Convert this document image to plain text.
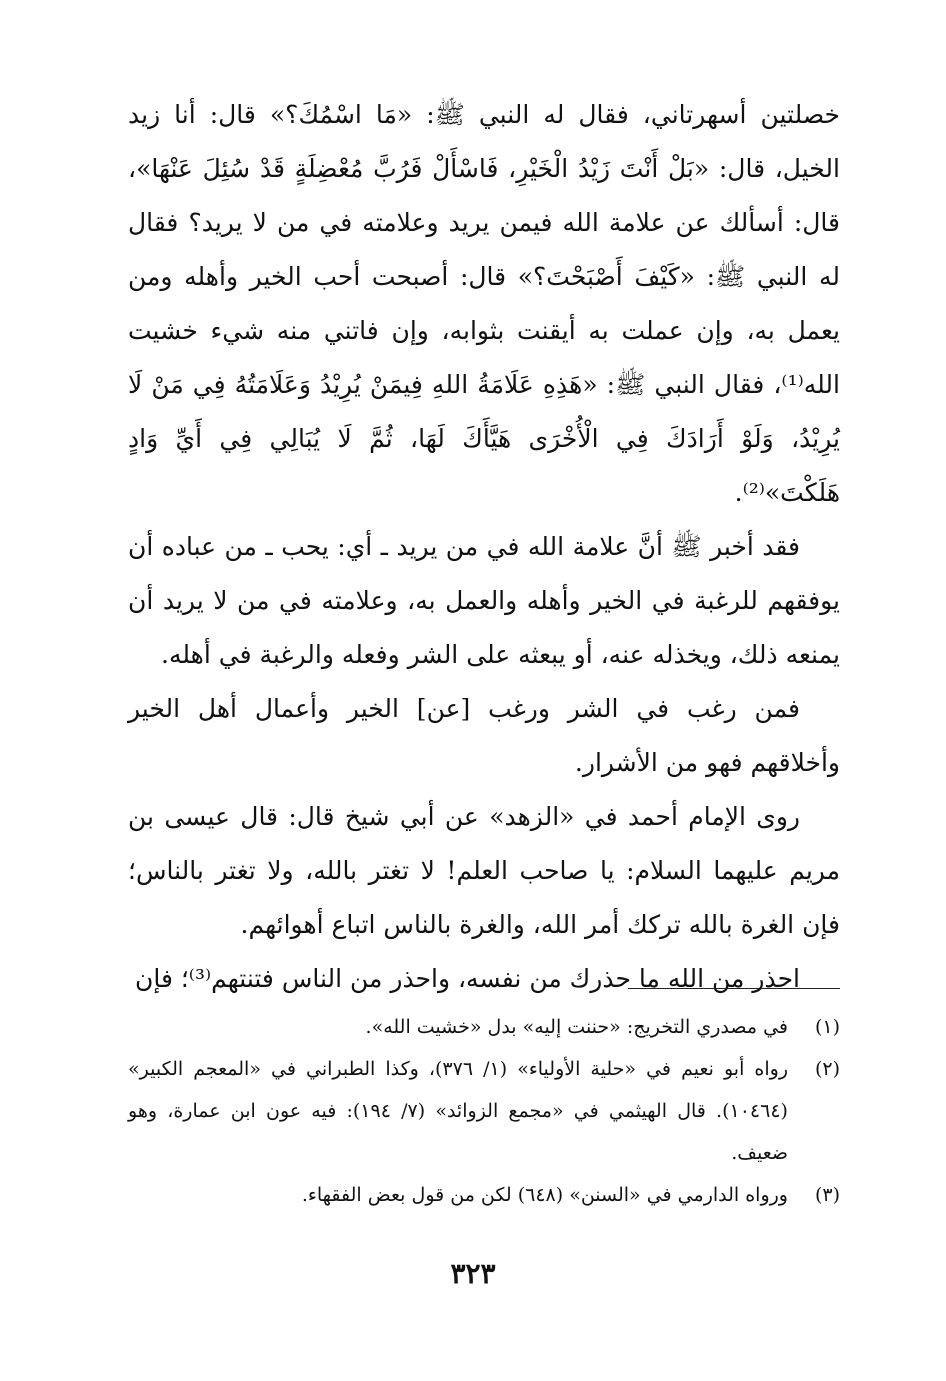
خصلتين أسهرتاني، فقال له النبي ﷺ: «مَا اسْمُكَ؟» قال: أنا زيد الخيل، قال: «بَلْ أَنْتَ زَيْدُ الْخَيْرِ، فَاسْأَلْ فَرُبَّ مُعْضِلَةٍ قَدْ سُئِلَ عَنْهَا»، قال: أسألك عن علامة الله فيمن يريد وعلامته في من لا يريد؟ فقال له النبي ﷺ: «كَيْفَ أَصْبَحْتَ؟» قال: أصبحت أحب الخير وأهله ومن يعمل به، وإن عملت به أيقنت بثوابه، وإن فاتني منه شيء خشيت الله⁽¹⁾، فقال النبي ﷺ: «هَذِهِ عَلَامَةُ اللهِ فِيمَنْ يُرِيْدُ وَعَلَامَتُهُ فِي مَنْ لَا يُرِيْدُ، وَلَوْ أَرَادَكَ فِي الْأُخْرَى هَيَّأَكَ لَهَا، ثُمَّ لَا يُبَالِي فِي أَيِّ وَادٍ هَلَكْتَ»⁽²⁾.

فقد أخبر ﷺ أنَّ علامة الله في من يريد ـ أي: يحب ـ من عباده أن يوفقهم للرغبة في الخير وأهله والعمل به، وعلامته في من لا يريد أن يمنعه ذلك، ويخذله عنه، أو يبعثه على الشر وفعله والرغبة في أهله.

فمن رغب في الشر ورغب [عن] الخير وأعمال أهل الخير وأخلاقهم فهو من الأشرار.

روى الإمام أحمد في «الزهد» عن أبي شيخ قال: قال عيسى بن مريم عليهما السلام: يا صاحب العلم! لا تغتر بالله، ولا تغتر بالناس؛ فإن الغرة بالله تركك أمر الله، والغرة بالناس اتباع أهوائهم.

احذر من الله ما حذرك من نفسه، واحذر من الناس فتنتهم⁽³⁾؛ فإن

(١)
في مصدري التخريج: «حننت إليه» بدل «خشيت الله».
(٢)
رواه أبو نعيم في «حلية الأولياء» (١/ ٣٧٦)، وكذا الطبراني في «المعجم الكبير» (١٠٤٦٤). قال الهيثمي في «مجمع الزوائد» (٧/ ١٩٤): فيه عون ابن عمارة، وهو ضعيف.
(٣)
ورواه الدارمي في «السنن» (٦٤٨) لكن من قول بعض الفقهاء.
٣٢٣
